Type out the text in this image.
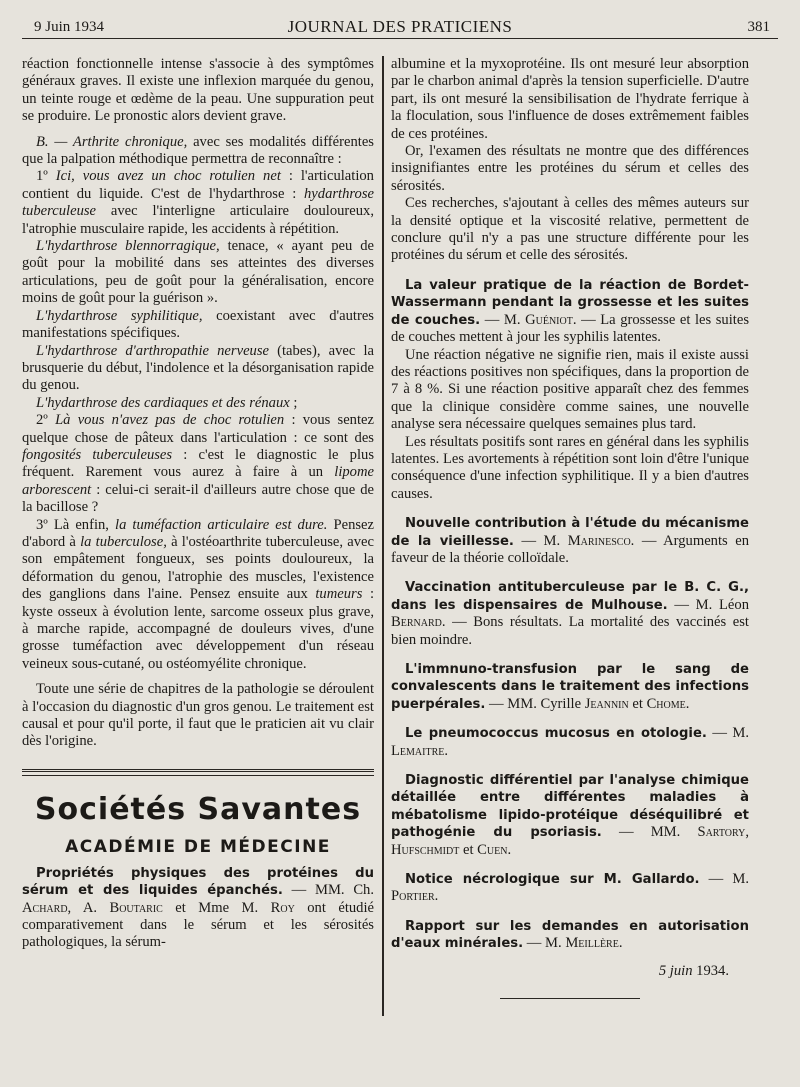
9 Juin 1934	JOURNAL DES PRATICIENS	381

réaction fonctionnelle intense s'associe à des symptômes généraux graves. Il existe une inflexion marquée du genou, un teinte rouge et œdème de la peau. Une suppuration peut se produire. Le pronostic alors devient grave.

B. — Arthrite chronique, avec ses modalités différentes que la palpation méthodique permettra de reconnaître :

1º Ici, vous avez un choc rotulien net : l'articulation contient du liquide. C'est de l'hydarthrose : hydarthrose tuberculeuse avec l'interligne articulaire douloureux, l'atrophie musculaire rapide, les accidents à répétition.

L'hydarthrose blennorragique, tenace, « ayant peu de goût pour la mobilité dans ses atteintes des diverses articulations, peu de goût pour la généralisation, encore moins de goût pour la guérison ».

L'hydarthrose syphilitique, coexistant avec d'autres manifestations spécifiques.

L'hydarthrose d'arthropathie nerveuse (tabes), avec la brusquerie du début, l'indolence et la désorganisation rapide du genou.

L'hydarthrose des cardiaques et des rénaux ;

2º Là vous n'avez pas de choc rotulien : vous sentez quelque chose de pâteux dans l'articulation : ce sont des fongosités tuberculeuses : c'est le diagnostic le plus fréquent. Rarement vous aurez à faire à un lipome arborescent : celui-ci serait-il d'ailleurs autre chose que de la bacillose ?

3º Là enfin, la tuméfaction articulaire est dure. Pensez d'abord à la tuberculose, à l'ostéoarthrite tuberculeuse, avec son empâtement fongueux, ses points douloureux, la déformation du genou, l'atrophie des muscles, l'existence des ganglions dans l'aine. Pensez ensuite aux tumeurs : kyste osseux à évolution lente, sarcome osseux plus grave, à marche rapide, accompagné de douleurs vives, d'une grosse tuméfaction avec développement d'un réseau veineux sous-cutané, ou ostéomyélite chronique.

Toute une série de chapitres de la pathologie se déroulent à l'occasion du diagnostic d'un gros genou. Le traitement est causal et pour qu'il porte, il faut que le praticien ait vu clair dès l'origine.

Sociétés Savantes
ACADÉMIE DE MÉDECINE

Propriétés physiques des protéines du sérum et des liquides épanchés. — MM. Ch. Achard, A. Boutaric et Mme M. Roy ont étudié comparativement dans le sérum et les sérosités pathologiques, la sérum-

albumine et la myxoprotéine. Ils ont mesuré leur absorption par le charbon animal d'après la tension superficielle. D'autre part, ils ont mesuré la sensibilisation de l'hydrate ferrique à la floculation, sous l'influence de doses extrêmement faibles de ces protéines.

Or, l'examen des résultats ne montre que des différences insignifiantes entre les protéines du sérum et celles des sérosités.

Ces recherches, s'ajoutant à celles des mêmes auteurs sur la densité optique et la viscosité relative, permettent de conclure qu'il n'y a pas une structure différente pour les protéines du sérum et celle des sérosités.

La valeur pratique de la réaction de Bordet-Wassermann pendant la grossesse et les suites de couches. — M. Guéniot. — La grossesse et les suites de couches mettent à jour les syphilis latentes.

Une réaction négative ne signifie rien, mais il existe aussi des réactions positives non spécifiques, dans la proportion de 7 à 8 %. Si une réaction positive apparaît chez des femmes que la clinique considère comme saines, une nouvelle analyse sera nécessaire quelques semaines plus tard.

Les résultats positifs sont rares en général dans les syphilis latentes. Les avortements à répétition sont loin d'être l'unique conséquence d'une infection syphilitique. Il y a bien d'autres causes.

Nouvelle contribution à l'étude du mécanisme de la vieillesse. — M. Marinesco. — Arguments en faveur de la théorie colloïdale.

Vaccination antituberculeuse par le B. C. G., dans les dispensaires de Mulhouse. — M. Léon Bernard. — Bons résultats. La mortalité des vaccinés est bien moindre.

L'immnuno-transfusion par le sang de convalescents dans le traitement des infections puerpérales. — MM. Cyrille Jeannin et Chome.

Le pneumococcus mucosus en otologie. — M. Lemaitre.

Diagnostic différentiel par l'analyse chimique détaillée entre différentes maladies à mébatolisme lipido-protéique déséquilibré et pathogénie du psoriasis. — MM. Sartory, Hufschmidt et Cuen.

Notice nécrologique sur M. Gallardo. — M. Portier.

Rapport sur les demandes en autorisation d'eaux minérales. — M. Meillère.

5 juin 1934.
